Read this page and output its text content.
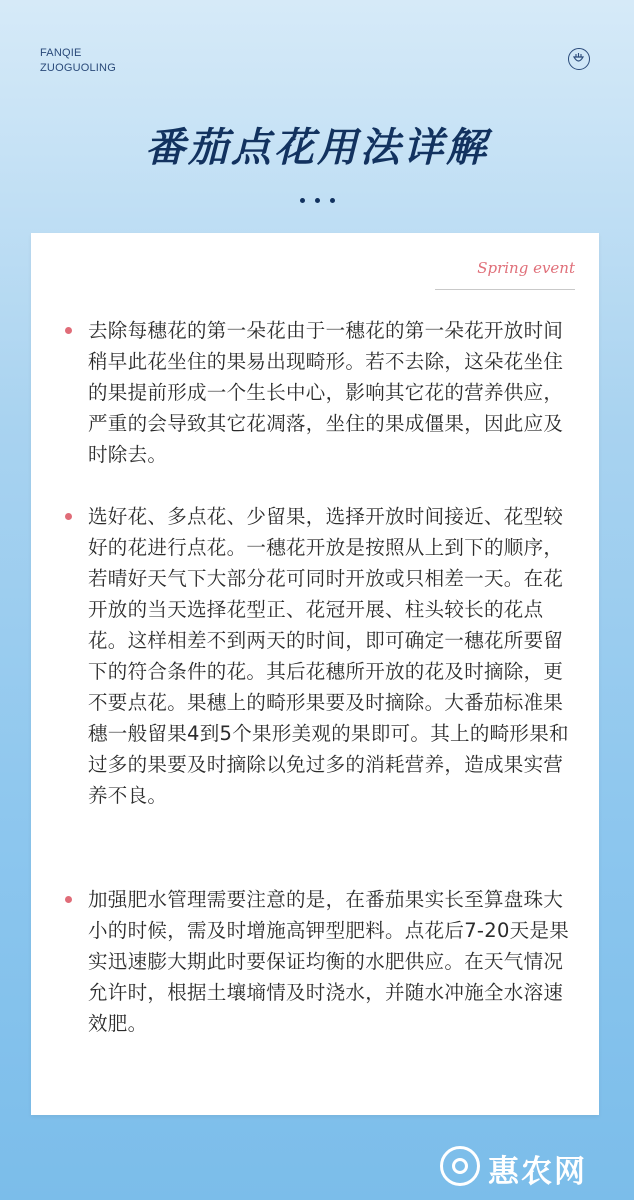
FANQIE
ZUOGUOLING
番茄点花用法详解
Spring event
去除每穗花的第一朵花由于一穗花的第一朵花开放时间稍早此花坐住的果易出现畸形。若不去除，这朵花坐住的果提前形成一个生长中心，影响其它花的营养供应，严重的会导致其它花凋落，坐住的果成僵果，因此应及时除去。
选好花、多点花、少留果，选择开放时间接近、花型较好的花进行点花。一穗花开放是按照从上到下的顺序，若晴好天气下大部分花可同时开放或只相差一天。在花开放的当天选择花型正、花冠开展、柱头较长的花点花。这样相差不到两天的时间，即可确定一穗花所要留下的符合条件的花。其后花穗所开放的花及时摘除，更不要点花。果穗上的畸形果要及时摘除。大番茄标准果穗一般留果4到5个果形美观的果即可。其上的畸形果和过多的果要及时摘除以免过多的消耗营养，造成果实营养不良。
加强肥水管理需要注意的是，在番茄果实长至算盘珠大小的时候，需及时增施高钾型肥料。点花后7-20天是果实迅速膨大期此时要保证均衡的水肥供应。在天气情况允许时，根据土壤墒情及时浇水，并随水冲施全水溶速效肥。
惠农网
